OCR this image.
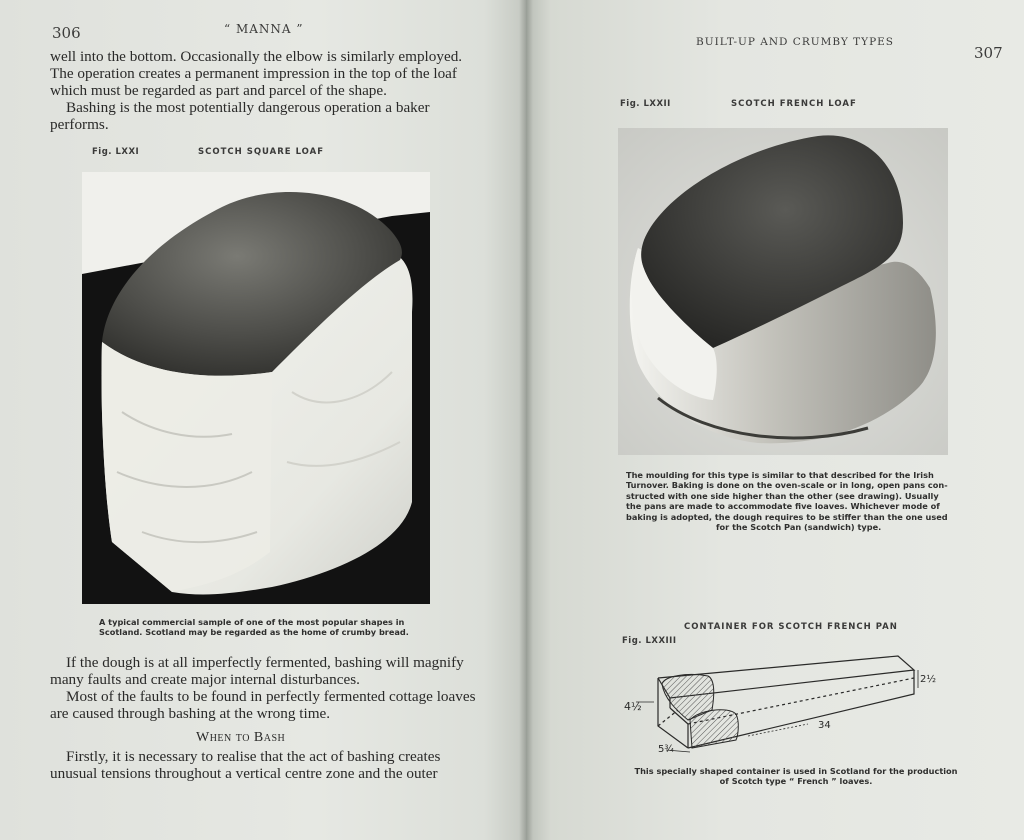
306	“ MANNA ”

well into the bottom. Occasionally the elbow is similarly employed.

The operation creates a permanent impression in the top of the loaf

which must be regarded as part and parcel of the shape.

Bashing is the most potentially dangerous operation a baker

performs.

Fig. LXXI	SCOTCH SQUARE LOAF
A typical commercial sample of one of the most popular shapes in
Scotland. Scotland may be regarded as the home of crumby bread.

If the dough is at all imperfectly fermented, bashing will magnify

many faults and create major internal disturbances.

Most of the faults to be found in perfectly fermented cottage loaves

are caused through bashing at the wrong time.

When to Bash

Firstly, it is necessary to realise that the act of bashing creates

unusual tensions throughout a vertical centre zone and the outer

BUILT-UP AND CRUMBY TYPES
307
Fig. LXXII	SCOTCH FRENCH LOAF
The moulding for this type is similar to that described for the Irish
Turnover. Baking is done on the oven-scale or in long, open pans con-
structed with one side higher than the other (see drawing). Usually
the pans are made to accommodate five loaves. Whichever mode of
baking is adopted, the dough requires to be stiffer than the one used
for the Scotch Pan (sandwich) type.
CONTAINER FOR SCOTCH FRENCH PAN
Fig. LXXIII
4½
5¾
34
2½
This specially shaped container is used in Scotland for the production
of Scotch type “ French ” loaves.
